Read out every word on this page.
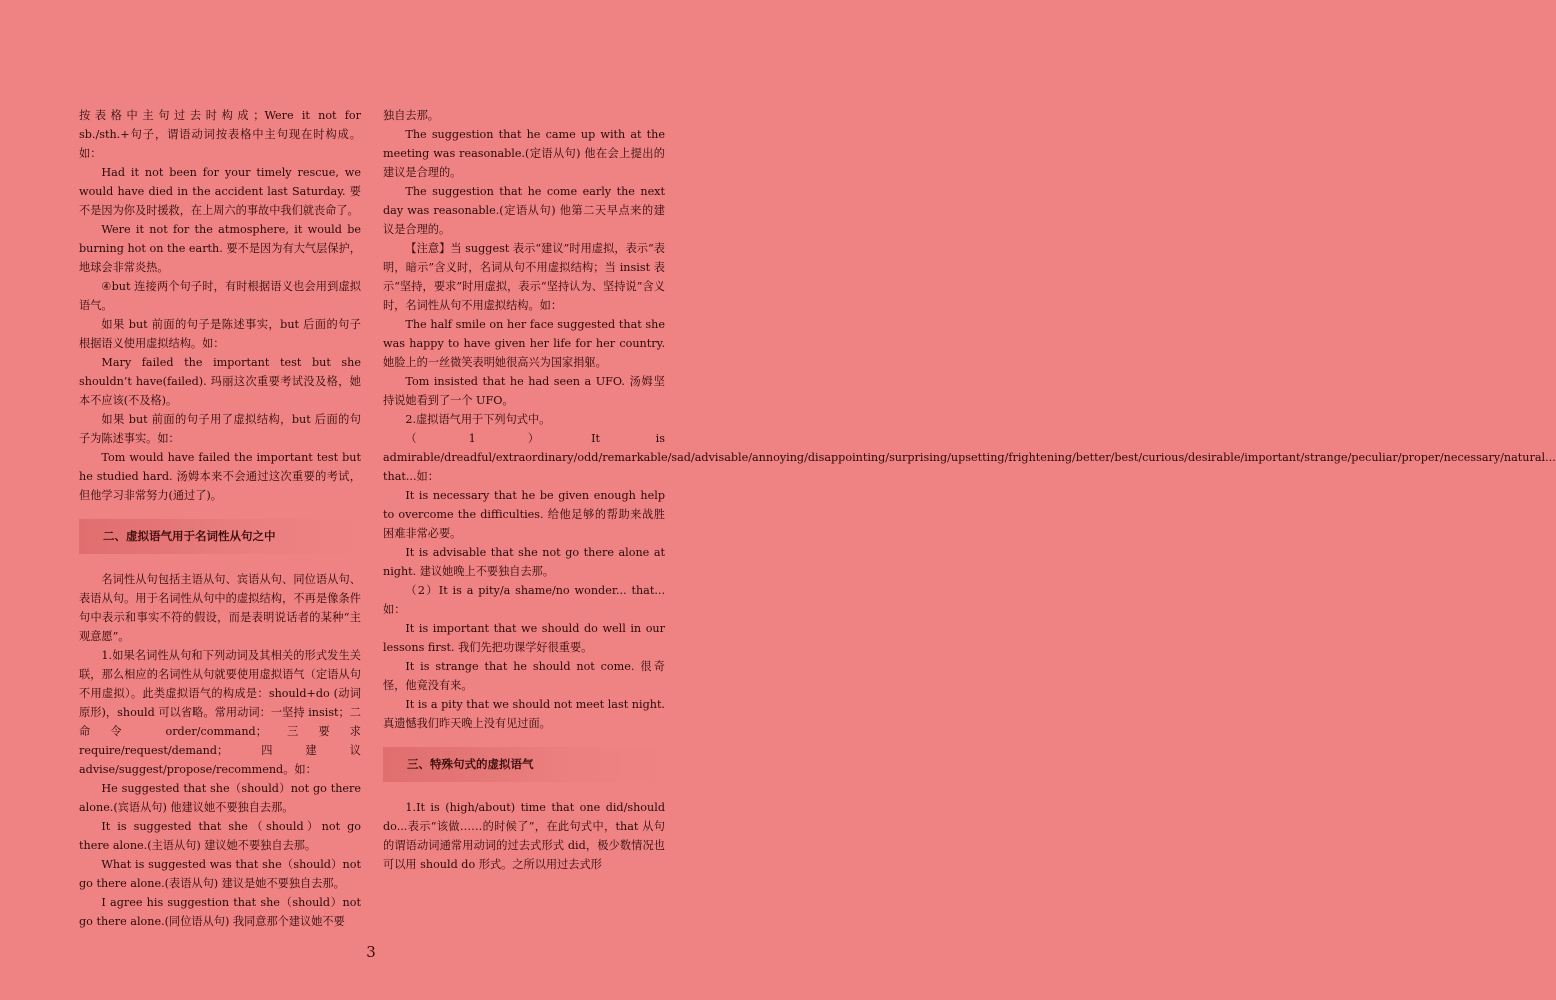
按表格中主句过去时构成；Were it not for sb./sth.+句子，谓语动词按表格中主句现在时构成。如：

Had it not been for your timely rescue, we would have died in the accident last Saturday. 要不是因为你及时援救，在上周六的事故中我们就丧命了。

Were it not for the atmosphere, it would be burning hot on the earth. 要不是因为有大气层保护，地球会非常炎热。

④but 连接两个句子时，有时根据语义也会用到虚拟语气。

如果 but 前面的句子是陈述事实，but 后面的句子根据语义使用虚拟结构。如：

Mary failed the important test but she shouldn’t have(failed). 玛丽这次重要考试没及格，她本不应该(不及格)。

如果 but 前面的句子用了虚拟结构，but 后面的句子为陈述事实。如：

Tom would have failed the important test but he studied hard. 汤姆本来不会通过这次重要的考试，但他学习非常努力(通过了)。

二、虚拟语气用于名词性从句之中

名词性从句包括主语从句、宾语从句、同位语从句、表语从句。用于名词性从句中的虚拟结构，不再是像条件句中表示和事实不符的假设，而是表明说话者的某种“主观意愿”。

1.如果名词性从句和下列动词及其相关的形式发生关联，那么相应的名词性从句就要使用虚拟语气（定语从句不用虚拟）。此类虚拟语气的构成是：should+do (动词原形)，should 可以省略。常用动词：一坚持 insist；二命令 order/command；三要求 require/request/demand；四建议 advise/suggest/propose/recommend。如：

He suggested that she（should）not go there alone.(宾语从句) 他建议她不要独自去那。

It is suggested that she（should）not go there alone.(主语从句) 建议她不要独自去那。

What is suggested was that she（should）not go there alone.(表语从句) 建议是她不要独自去那。

I agree his suggestion that she（should）not go there alone.(同位语从句) 我同意那个建议她不要

独自去那。

The suggestion that he came up with at the meeting was reasonable.(定语从句) 他在会上提出的建议是合理的。

The suggestion that he come early the next day was reasonable.(定语从句) 他第二天早点来的建议是合理的。

【注意】当 suggest 表示“建议”时用虚拟，表示“表明，暗示”含义时，名词从句不用虚拟结构；当 insist 表示“坚持，要求”时用虚拟，表示“坚持认为、坚持说”含义时，名词性从句不用虚拟结构。如：

The half smile on her face suggested that she was happy to have given her life for her country. 她脸上的一丝微笑表明她很高兴为国家捐躯。

Tom insisted that he had seen a UFO. 汤姆坚持说她看到了一个 UFO。

2.虚拟语气用于下列句式中。

（1）It is admirable/dreadful/extraordinary/odd/remarkable/sad/advisable/annoying/disappointing/surprising/upsetting/frightening/better/best/curious/desirable/important/strange/peculiar/proper/necessary/natural... that...如：

It is necessary that he be given enough help to overcome the difficulties. 给他足够的帮助来战胜困难非常必要。

It is advisable that she not go there alone at night. 建议她晚上不要独自去那。

（2）It is a pity/a shame/no wonder... that...如：

It is important that we should do well in our lessons first. 我们先把功课学好很重要。

It is strange that he should not come. 很奇怪，他竟没有来。

It is a pity that we should not meet last night. 真遗憾我们昨天晚上没有见过面。

三、特殊句式的虚拟语气

1.It is (high/about) time that one did/should do...表示“该做……的时候了”，在此句式中，that 从句的谓语动词通常用动词的过去式形式 did，极少数情况也可以用 should do 形式。之所以用过去式形

3
